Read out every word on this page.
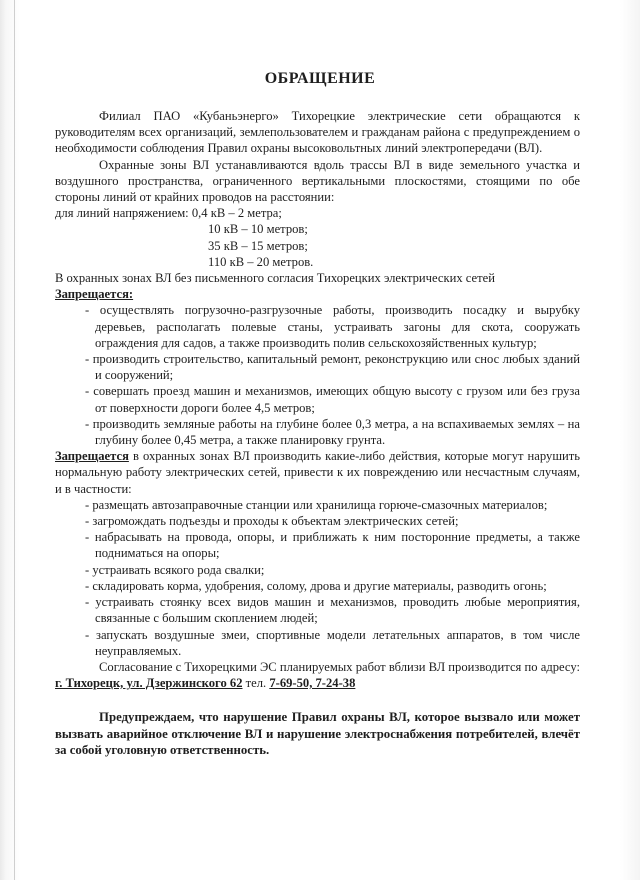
ОБРАЩЕНИЕ

Филиал ПАО «Кубаньэнерго» Тихорецкие электрические сети обращаются к руководителям всех организаций, землепользователем и гражданам района с предупреждением о необходимости соблюдения Правил охраны высоковольтных линий электропередачи (ВЛ).

Охранные зоны ВЛ устанавливаются вдоль трассы ВЛ в виде земельного участка и воздушного пространства, ограниченного вертикальными плоскостями, стоящими по обе стороны линий от крайних проводов на расстоянии:

для линий напряжением: 0,4 кВ – 2 метра;

10 кВ – 10 метров;

35 кВ – 15 метров;

110 кВ – 20 метров.

В охранных зонах ВЛ без письменного согласия Тихорецких электрических сетей

Запрещается:

- осуществлять погрузочно-разгрузочные работы, производить посадку и вырубку деревьев, располагать полевые станы, устраивать загоны для скота, сооружать ограждения для садов, а также производить полив сельскохозяйственных культур;

- производить строительство, капитальный ремонт, реконструкцию или снос любых зданий и сооружений;

- совершать проезд машин и механизмов, имеющих общую высоту с грузом или без груза от поверхности дороги более 4,5 метров;

- производить земляные работы на глубине более 0,3 метра, а на вспахиваемых землях – на глубину более 0,45 метра, а также планировку грунта.

Запрещается в охранных зонах ВЛ производить какие-либо действия, которые могут нарушить нормальную работу электрических сетей, привести к их повреждению или несчастным случаям, и в частности:

- размещать автозаправочные станции или хранилища горюче-смазочных материалов;

- загромождать подъезды и проходы к объектам электрических сетей;

- набрасывать на провода, опоры, и приближать к ним посторонние предметы, а также подниматься на опоры;

- устраивать всякого рода свалки;

- складировать корма, удобрения, солому, дрова и другие материалы, разводить огонь;

- устраивать стоянку всех видов машин и механизмов, проводить любые мероприятия, связанные с большим скоплением людей;

- запускать воздушные змеи, спортивные модели летательных аппаратов, в том числе неуправляемых.

Согласование с Тихорецкими ЭС планируемых работ вблизи ВЛ производится по адресу: г. Тихорецк, ул. Дзержинского 62 тел. 7-69-50, 7-24-38

Предупреждаем, что нарушение Правил охраны ВЛ, которое вызвало или может вызвать аварийное отключение ВЛ и нарушение электроснабжения потребителей, влечёт за собой уголовную ответственность.
